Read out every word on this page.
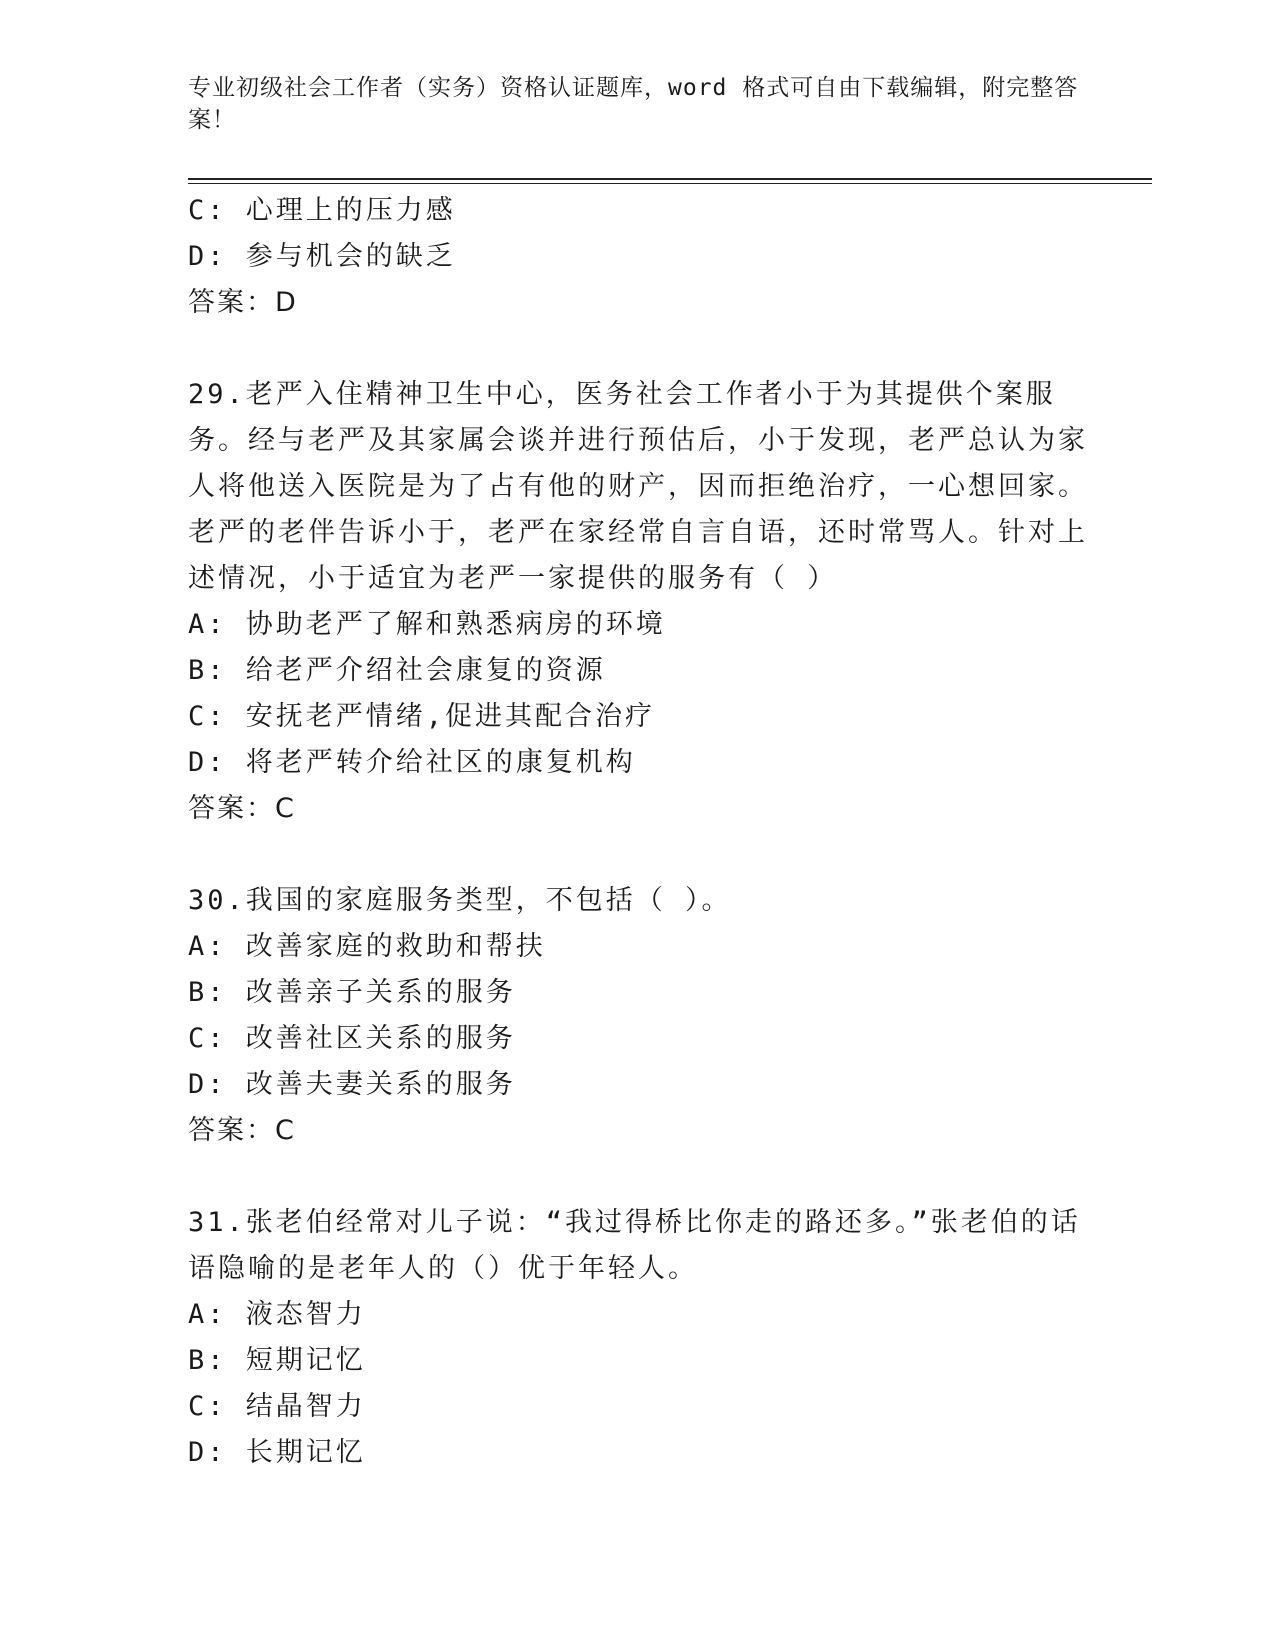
专业初级社会工作者（实务）资格认证题库，word 格式可自由下载编辑，附完整答案！
C: 心理上的压力感
D: 参与机会的缺乏
答案：D
29.老严入住精神卫生中心，医务社会工作者小于为其提供个案服务。经与老严及其家属会谈并进行预估后，小于发现，老严总认为家人将他送入医院是为了占有他的财产，因而拒绝治疗，一心想回家。老严的老伴告诉小于，老严在家经常自言自语，还时常骂人。针对上述情况，小于适宜为老严一家提供的服务有（ ）
A: 协助老严了解和熟悉病房的环境
B: 给老严介绍社会康复的资源
C: 安抚老严情绪,促进其配合治疗
D: 将老严转介给社区的康复机构
答案：C
30.我国的家庭服务类型，不包括（ ）。
A: 改善家庭的救助和帮扶
B: 改善亲子关系的服务
C: 改善社区关系的服务
D: 改善夫妻关系的服务
答案：C
31.张老伯经常对儿子说：“我过得桥比你走的路还多。”张老伯的话语隐喻的是老年人的（）优于年轻人。
A: 液态智力
B: 短期记忆
C: 结晶智力
D: 长期记忆
